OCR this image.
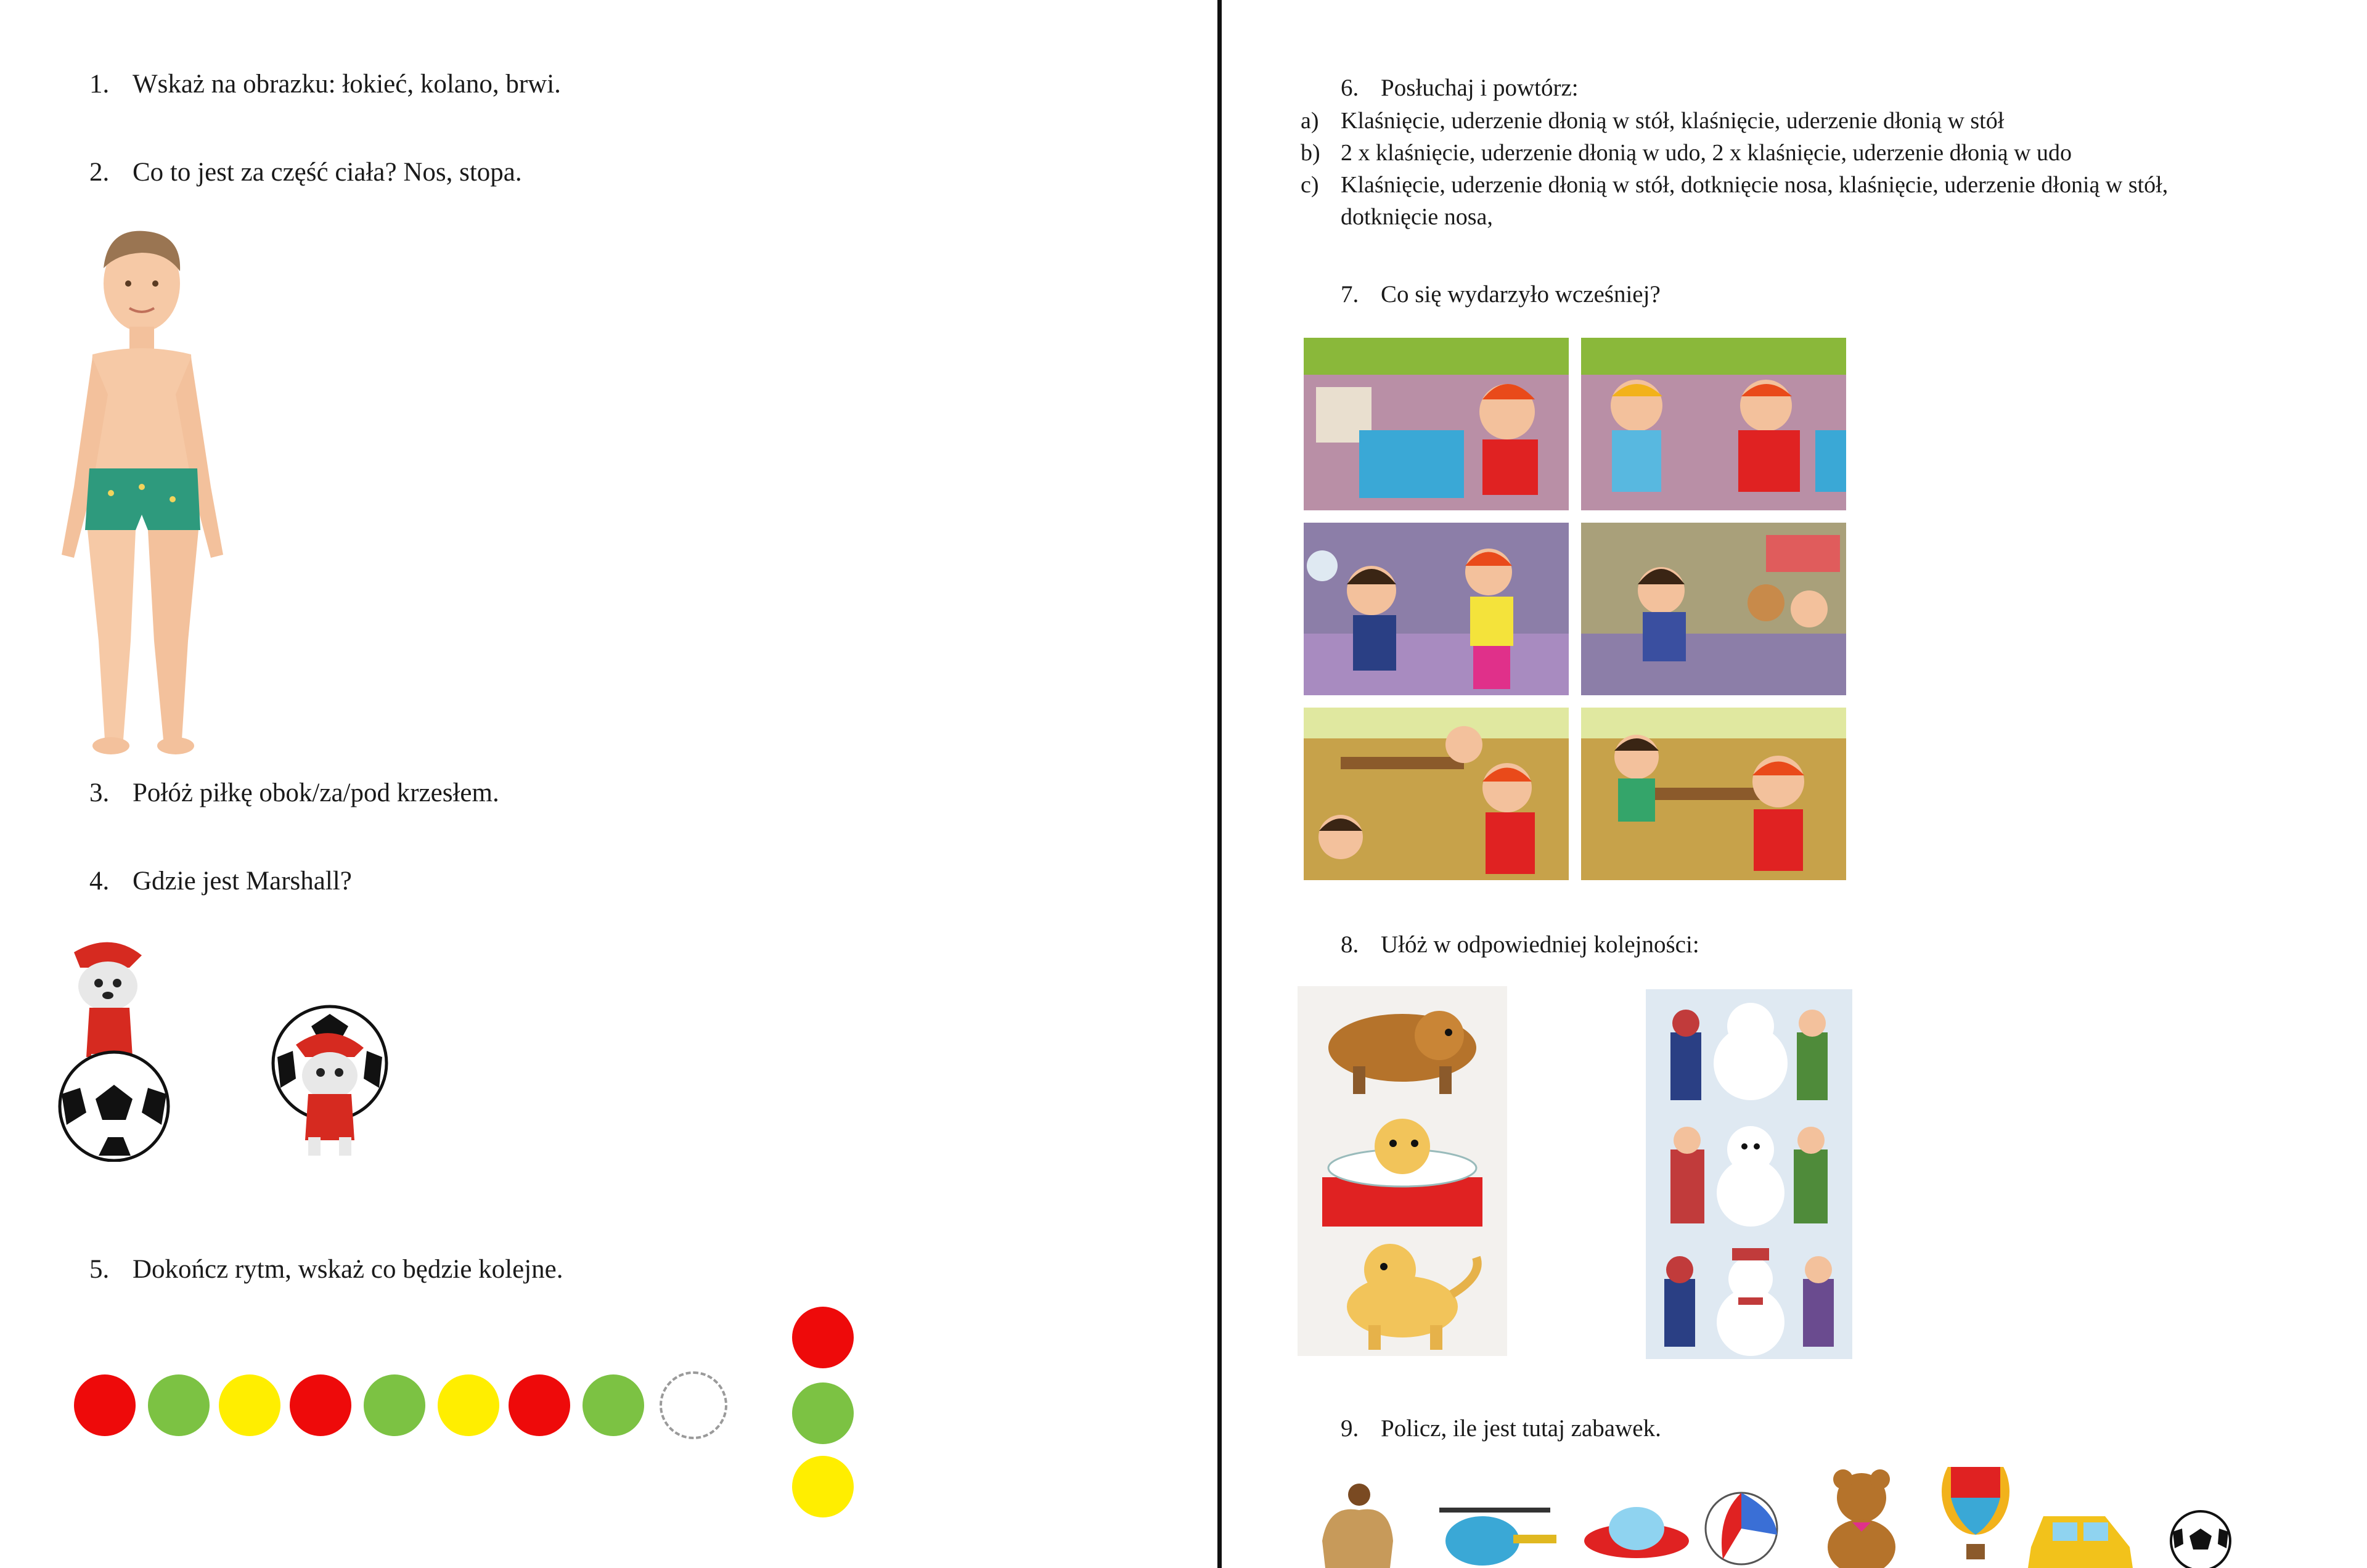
1. Wskaż na obrazku: łokieć, kolano, brwi.
2. Co to jest za część ciała? Nos, stopa.
3. Połóż piłkę obok/za/pod krzesłem.
4. Gdzie jest Marshall?
5. Dokończ rytm, wskaż co będzie kolejne.
6. Posłuchaj i powtórz:
a) Klaśnięcie, uderzenie dłonią w stół, klaśnięcie, uderzenie dłonią w stół
b) 2 x klaśnięcie, uderzenie dłonią w udo, 2 x klaśnięcie, uderzenie dłonią w udo
c) Klaśnięcie, uderzenie dłonią w stół, dotknięcie nosa, klaśnięcie, uderzenie dłonią w stół,
dotknięcie nosa,
7. Co się wydarzyło wcześniej?
8. Ułóż w odpowiedniej kolejności:
9. Policz, ile jest tutaj zabawek.
